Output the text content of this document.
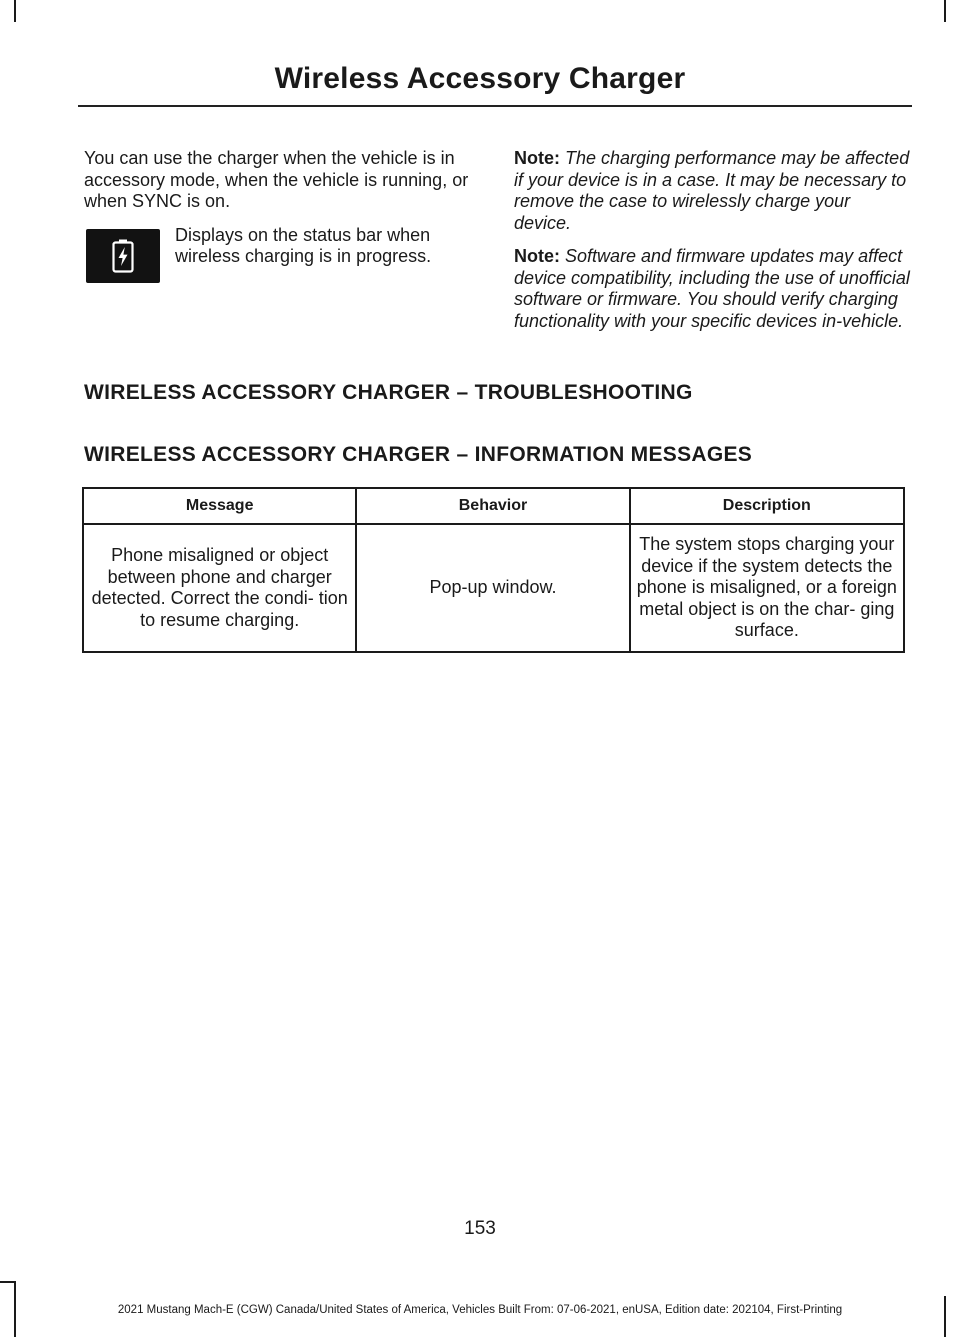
Wireless Accessory Charger

You can use the charger when the vehicle is in accessory mode, when the vehicle is running, or when SYNC is on.

Displays on the status bar when wireless charging is in progress.

Note: The charging performance may be affected if your device is in a case. It may be necessary to remove the case to wirelessly charge your device.

Note: Software and firmware updates may affect device compatibility, including the use of unofficial software or firmware. You should verify charging functionality with your specific devices in-vehicle.

WIRELESS ACCESSORY CHARGER – TROUBLESHOOTING
WIRELESS ACCESSORY CHARGER – INFORMATION MESSAGES
Message	Behavior	Description
Phone misaligned or object between phone and charger detected. Correct the condi- tion to resume charging.	Pop-up window.	The system stops charging your device if the system detects the phone is misaligned, or a foreign metal object is on the char- ging surface.
153
2021 Mustang Mach-E (CGW) Canada/United States of America, Vehicles Built From: 07-06-2021, enUSA, Edition date: 202104, First-Printing
